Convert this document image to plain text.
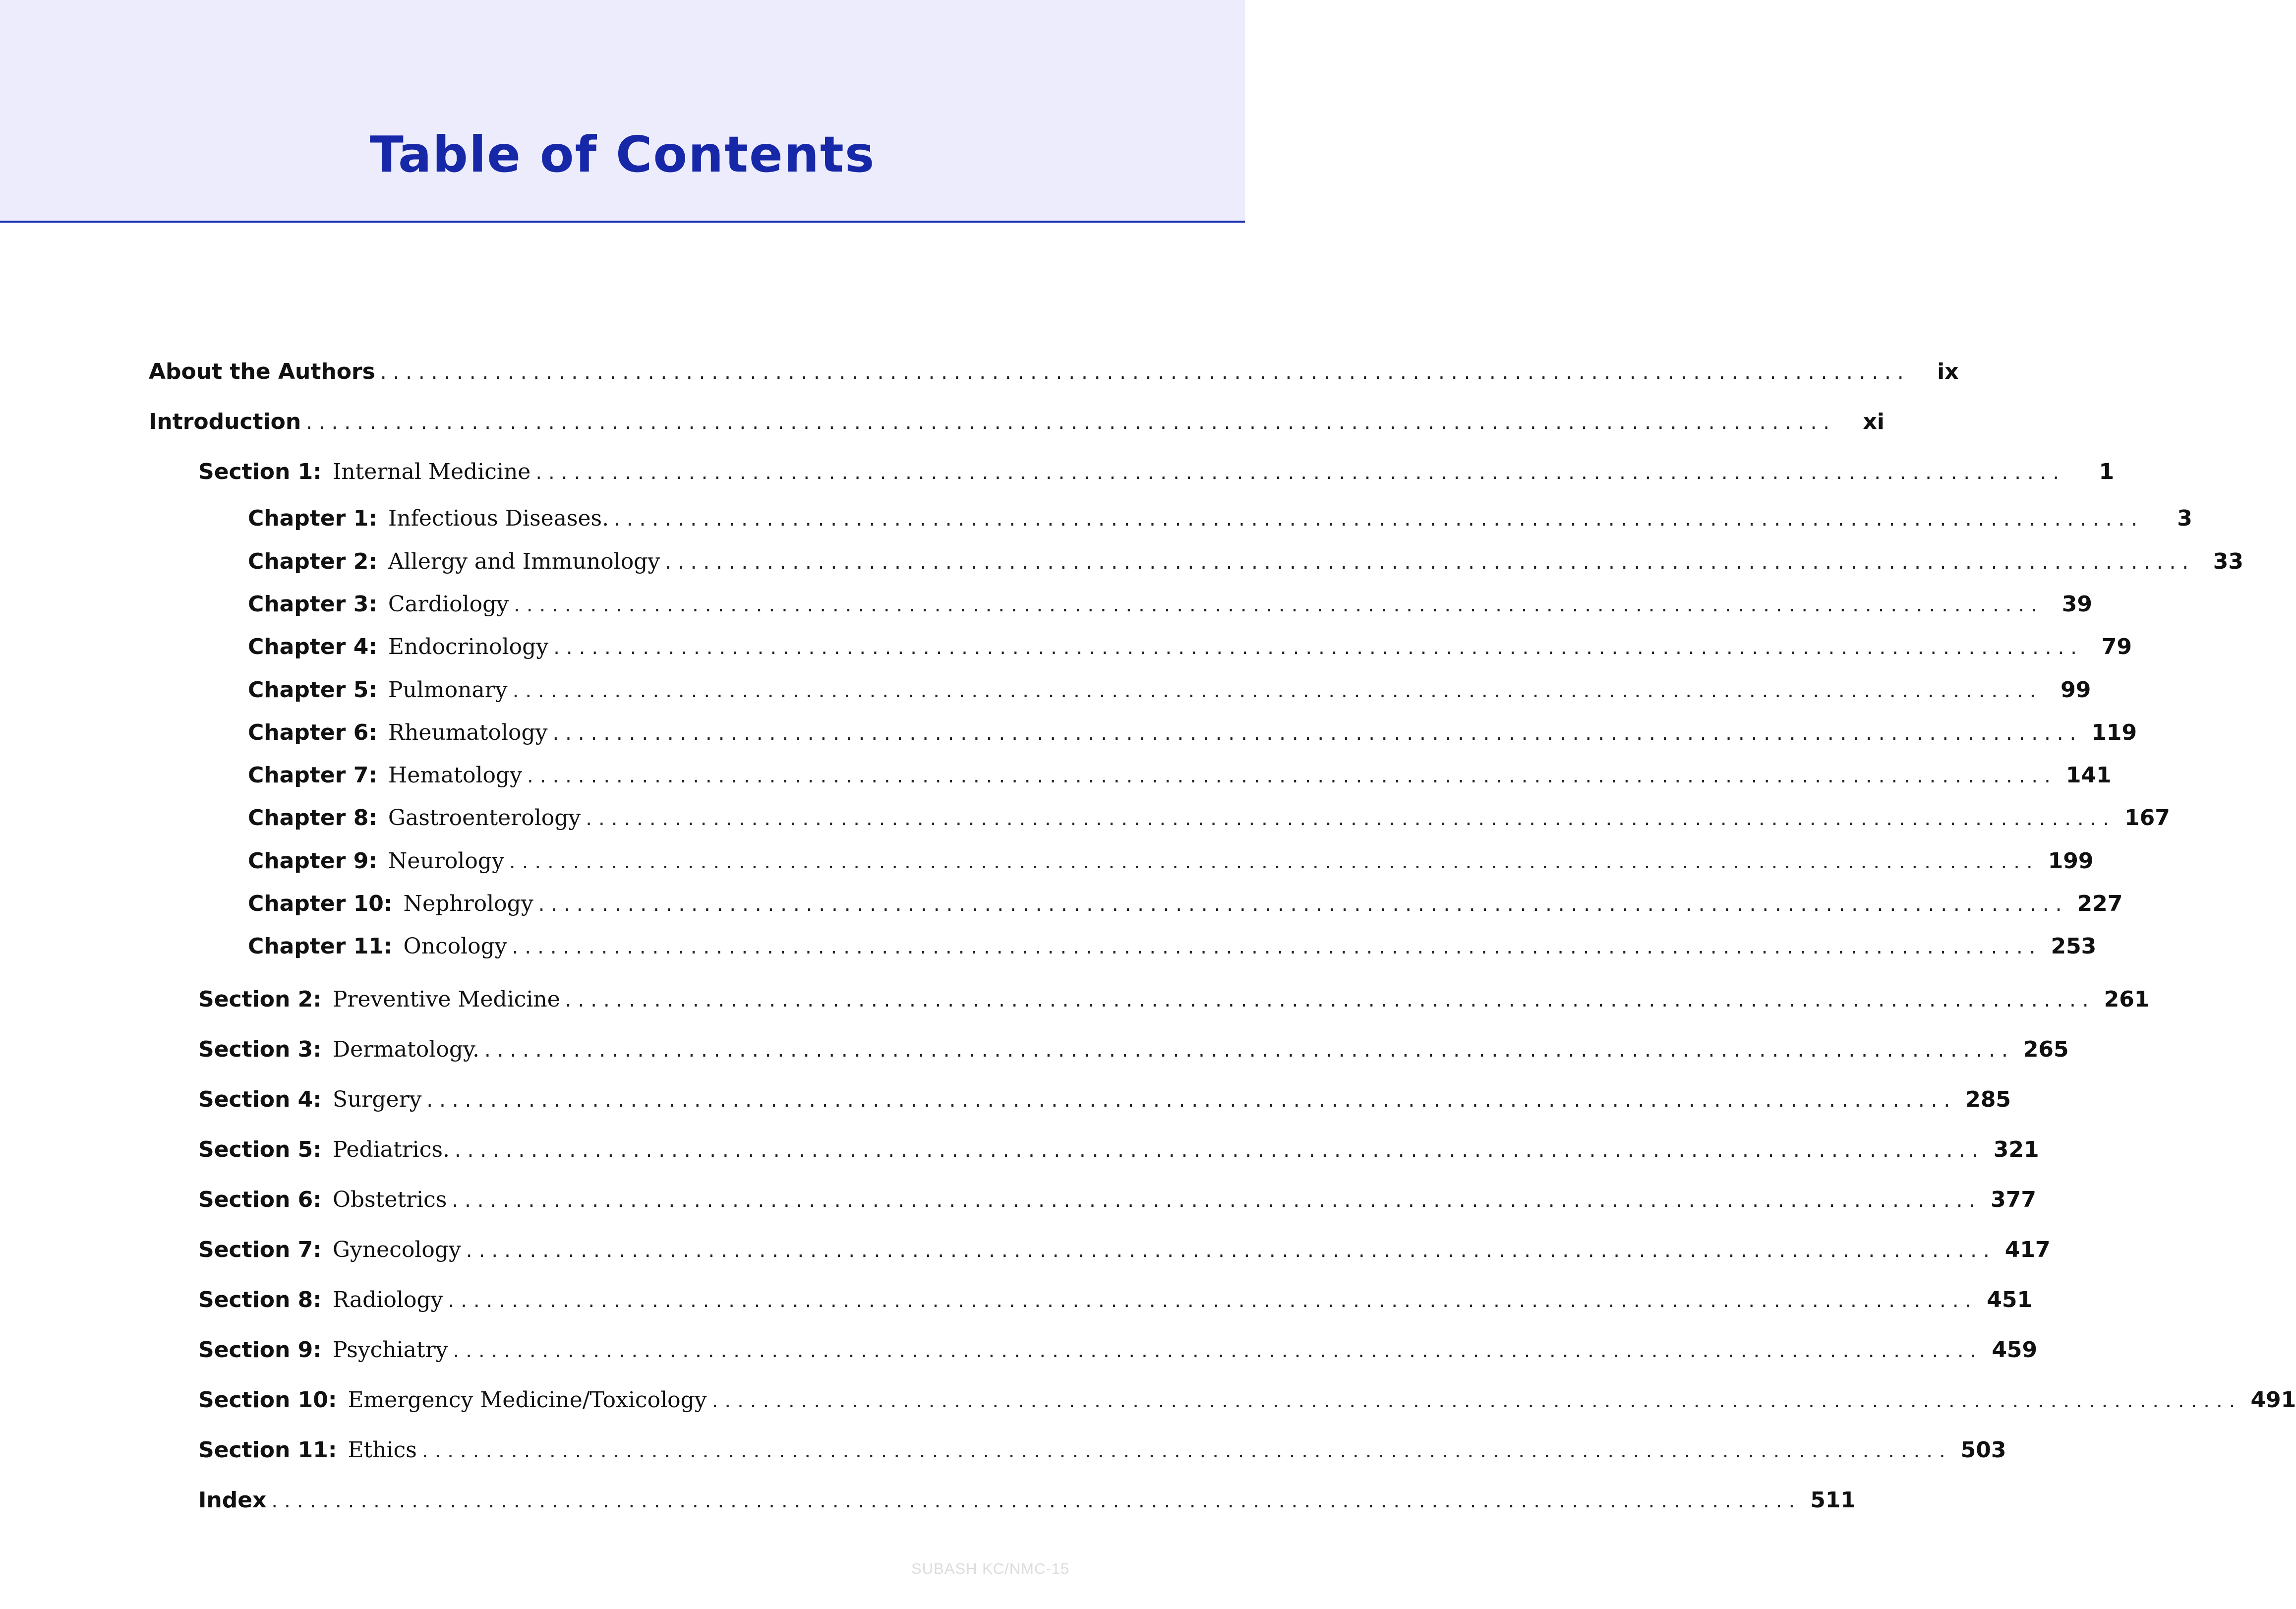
Table of Contents
About the Authors ........................................................................................................................	ix
Introduction ........................................................................................................................	xi
Section 1: Internal Medicine ........................................................................................................................	1
Chapter 1: Infectious Diseases. ........................................................................................................................	3
Chapter 2: Allergy and Immunology ........................................................................................................................ 33
Chapter 3: Cardiology ........................................................................................................................ 39
Chapter 4: Endocrinology ........................................................................................................................ 79
Chapter 5: Pulmonary ........................................................................................................................ 99
Chapter 6: Rheumatology ........................................................................................................................ 119
Chapter 7: Hematology ........................................................................................................................ 141
Chapter 8: Gastroenterology ........................................................................................................................ 167
Chapter 9: Neurology ........................................................................................................................ 199
Chapter 10: Nephrology ........................................................................................................................ 227
Chapter 11: Oncology ........................................................................................................................ 253
Section 2: Preventive Medicine ........................................................................................................................ 261
Section 3: Dermatology. ........................................................................................................................ 265
Section 4: Surgery ........................................................................................................................ 285
Section 5: Pediatrics. ........................................................................................................................ 321
Section 6: Obstetrics ........................................................................................................................ 377
Section 7: Gynecology ........................................................................................................................ 417
Section 8: Radiology ........................................................................................................................ 451
Section 9: Psychiatry ........................................................................................................................ 459
Section 10: Emergency Medicine/Toxicology ........................................................................................................................ 491
Section 11: Ethics ........................................................................................................................ 503
Index ........................................................................................................................ 511
SUBASH KC/NMC-15
